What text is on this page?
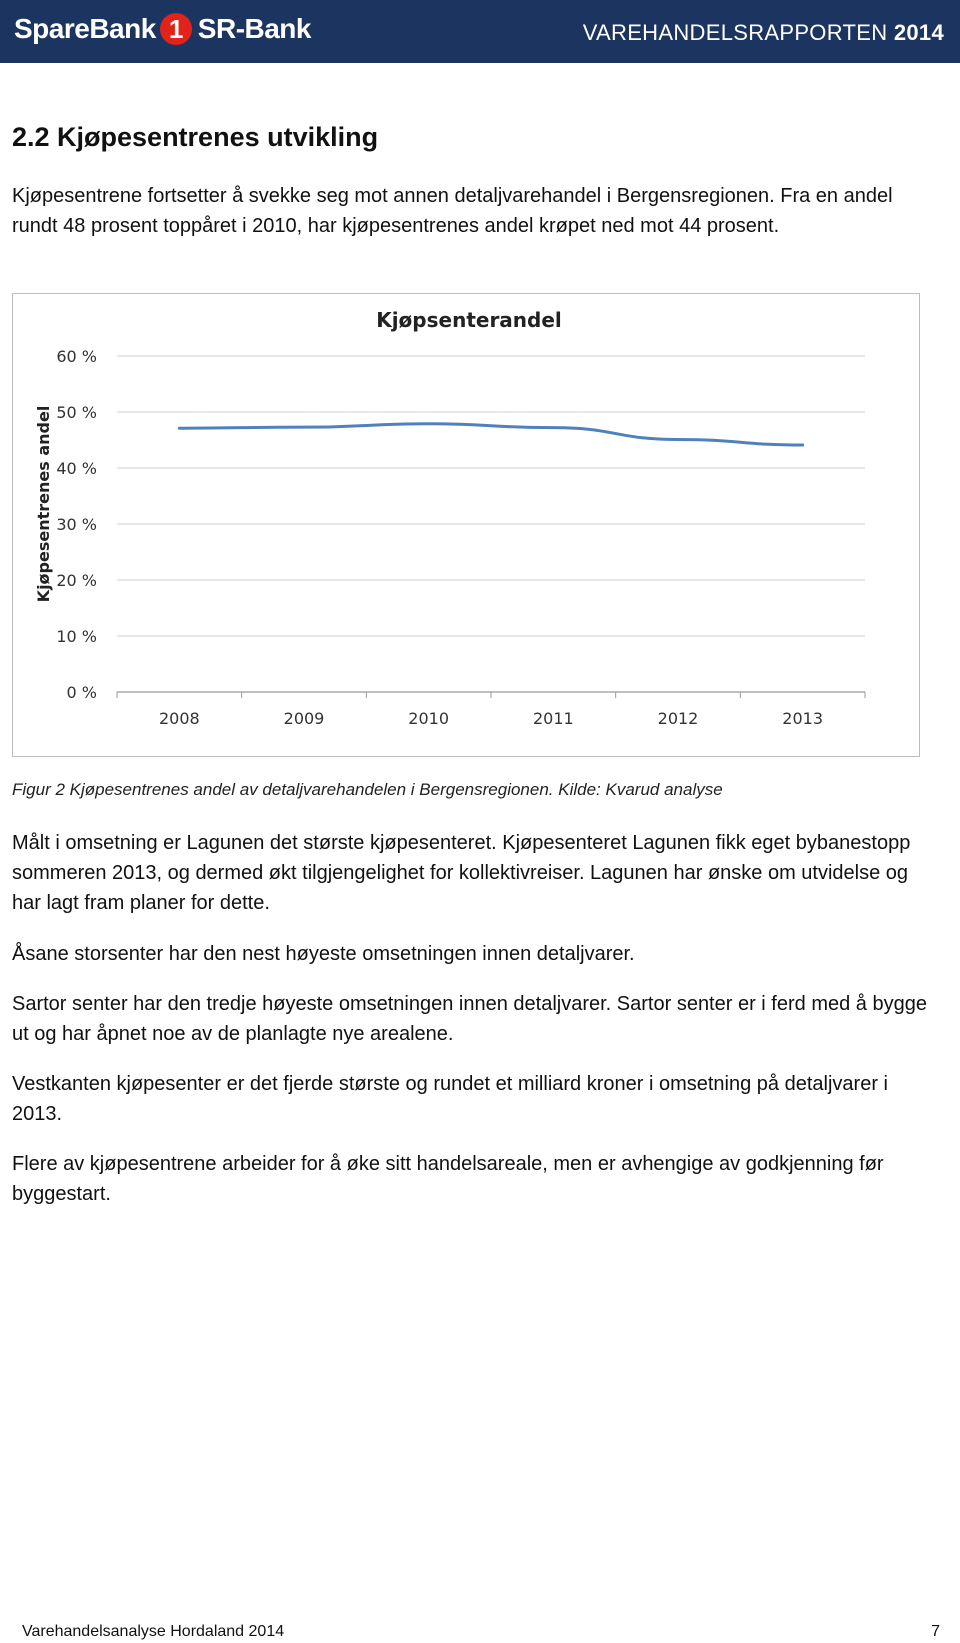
SpareBank 1 SR-Bank	VAREHANDELSRAPPORTEN 2014
2.2 Kjøpesentrenes utvikling

Kjøpesentrene fortsetter å svekke seg mot annen detaljvarehandel i Bergensregionen. Fra en andel rundt 48 prosent toppåret i 2010, har kjøpesentrenes andel krøpet ned mot 44 prosent.

Kjøpsenterandel
Kjøpesentrenes andel
0 %
10 %
20 %
30 %
40 %
50 %
60 %
2008	2009	2010	2011	2012	2013

Figur 2 Kjøpesentrenes andel av detaljvarehandelen i Bergensregionen. Kilde: Kvarud analyse

Målt i omsetning er Lagunen det største kjøpesenteret. Kjøpesenteret Lagunen fikk eget bybanestopp sommeren 2013, og dermed økt tilgjengelighet for kollektivreiser. Lagunen har ønske om utvidelse og har lagt fram planer for dette.

Åsane storsenter har den nest høyeste omsetningen innen detaljvarer.

Sartor senter har den tredje høyeste omsetningen innen detaljvarer. Sartor senter er i ferd med å bygge ut og har åpnet noe av de planlagte nye arealene.

Vestkanten kjøpesenter er det fjerde største og rundet et milliard kroner i omsetning på detaljvarer i 2013.

Flere av kjøpesentrene arbeider for å øke sitt handelsareale, men er avhengige av godkjenning før byggestart.

Varehandelsanalyse Hordaland 2014	7
